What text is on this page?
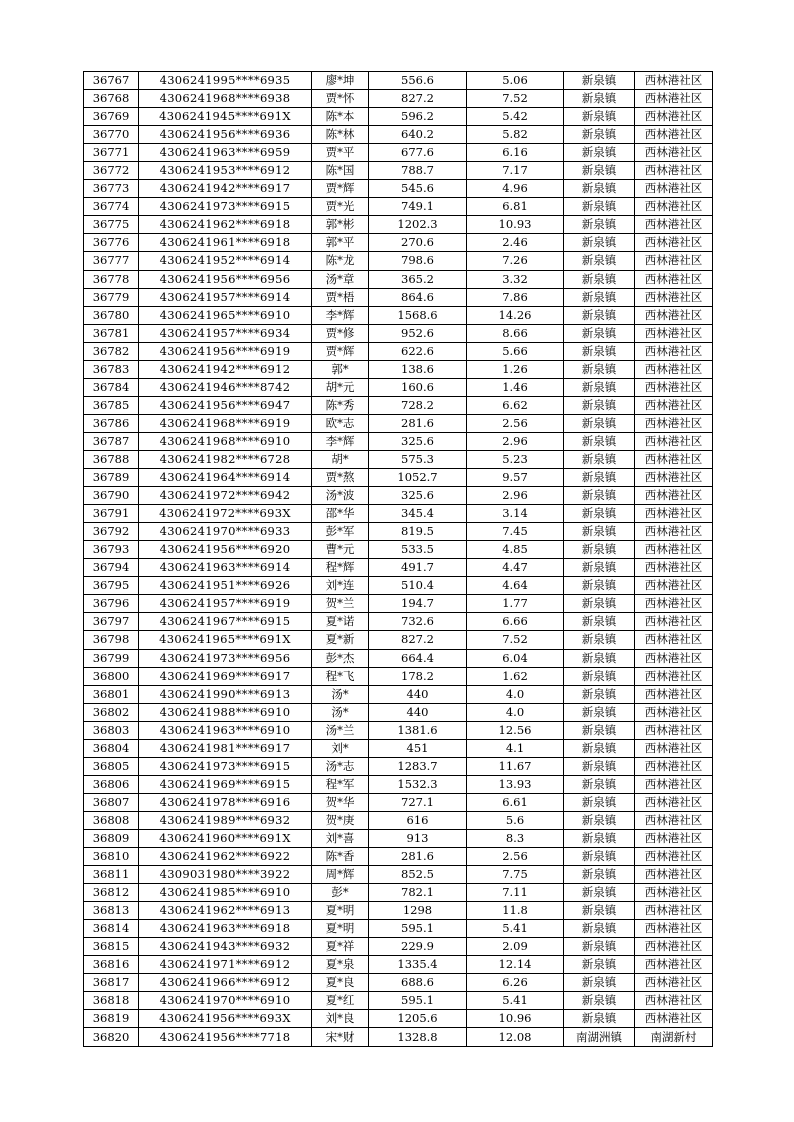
36767	4306241995****6935	廖*坤	556.6	5.06	新泉镇	西林港社区
36768	4306241968****6938	贾*怀	827.2	7.52	新泉镇	西林港社区
36769	4306241945****691X	陈*本	596.2	5.42	新泉镇	西林港社区
36770	4306241956****6936	陈*林	640.2	5.82	新泉镇	西林港社区
36771	4306241963****6959	贾*平	677.6	6.16	新泉镇	西林港社区
36772	4306241953****6912	陈*国	788.7	7.17	新泉镇	西林港社区
36773	4306241942****6917	贾*辉	545.6	4.96	新泉镇	西林港社区
36774	4306241973****6915	贾*光	749.1	6.81	新泉镇	西林港社区
36775	4306241962****6918	郭*彬	1202.3	10.93	新泉镇	西林港社区
36776	4306241961****6918	郭*平	270.6	2.46	新泉镇	西林港社区
36777	4306241952****6914	陈*龙	798.6	7.26	新泉镇	西林港社区
36778	4306241956****6956	汤*章	365.2	3.32	新泉镇	西林港社区
36779	4306241957****6914	贾*梧	864.6	7.86	新泉镇	西林港社区
36780	4306241965****6910	李*辉	1568.6	14.26	新泉镇	西林港社区
36781	4306241957****6934	贾*修	952.6	8.66	新泉镇	西林港社区
36782	4306241956****6919	贾*辉	622.6	5.66	新泉镇	西林港社区
36783	4306241942****6912	郭*	138.6	1.26	新泉镇	西林港社区
36784	4306241946****8742	胡*元	160.6	1.46	新泉镇	西林港社区
36785	4306241956****6947	陈*秀	728.2	6.62	新泉镇	西林港社区
36786	4306241968****6919	欧*志	281.6	2.56	新泉镇	西林港社区
36787	4306241968****6910	李*辉	325.6	2.96	新泉镇	西林港社区
36788	4306241982****6728	胡*	575.3	5.23	新泉镇	西林港社区
36789	4306241964****6914	贾*熬	1052.7	9.57	新泉镇	西林港社区
36790	4306241972****6942	汤*波	325.6	2.96	新泉镇	西林港社区
36791	4306241972****693X	邵*华	345.4	3.14	新泉镇	西林港社区
36792	4306241970****6933	彭*军	819.5	7.45	新泉镇	西林港社区
36793	4306241956****6920	曹*元	533.5	4.85	新泉镇	西林港社区
36794	4306241963****6914	程*辉	491.7	4.47	新泉镇	西林港社区
36795	4306241951****6926	刘*连	510.4	4.64	新泉镇	西林港社区
36796	4306241957****6919	贺*兰	194.7	1.77	新泉镇	西林港社区
36797	4306241967****6915	夏*诺	732.6	6.66	新泉镇	西林港社区
36798	4306241965****691X	夏*新	827.2	7.52	新泉镇	西林港社区
36799	4306241973****6956	彭*杰	664.4	6.04	新泉镇	西林港社区
36800	4306241969****6917	程*飞	178.2	1.62	新泉镇	西林港社区
36801	4306241990****6913	汤*	440	4.0	新泉镇	西林港社区
36802	4306241988****6910	汤*	440	4.0	新泉镇	西林港社区
36803	4306241963****6910	汤*兰	1381.6	12.56	新泉镇	西林港社区
36804	4306241981****6917	刘*	451	4.1	新泉镇	西林港社区
36805	4306241973****6915	汤*志	1283.7	11.67	新泉镇	西林港社区
36806	4306241969****6915	程*军	1532.3	13.93	新泉镇	西林港社区
36807	4306241978****6916	贺*华	727.1	6.61	新泉镇	西林港社区
36808	4306241989****6932	贺*庚	616	5.6	新泉镇	西林港社区
36809	4306241960****691X	刘*喜	913	8.3	新泉镇	西林港社区
36810	4306241962****6922	陈*香	281.6	2.56	新泉镇	西林港社区
36811	4309031980****3922	周*辉	852.5	7.75	新泉镇	西林港社区
36812	4306241985****6910	彭*	782.1	7.11	新泉镇	西林港社区
36813	4306241962****6913	夏*明	1298	11.8	新泉镇	西林港社区
36814	4306241963****6918	夏*明	595.1	5.41	新泉镇	西林港社区
36815	4306241943****6932	夏*祥	229.9	2.09	新泉镇	西林港社区
36816	4306241971****6912	夏*泉	1335.4	12.14	新泉镇	西林港社区
36817	4306241966****6912	夏*良	688.6	6.26	新泉镇	西林港社区
36818	4306241970****6910	夏*红	595.1	5.41	新泉镇	西林港社区
36819	4306241956****693X	刘*良	1205.6	10.96	新泉镇	西林港社区
36820	4306241956****7718	宋*财	1328.8	12.08	南湖洲镇	南湖新村
